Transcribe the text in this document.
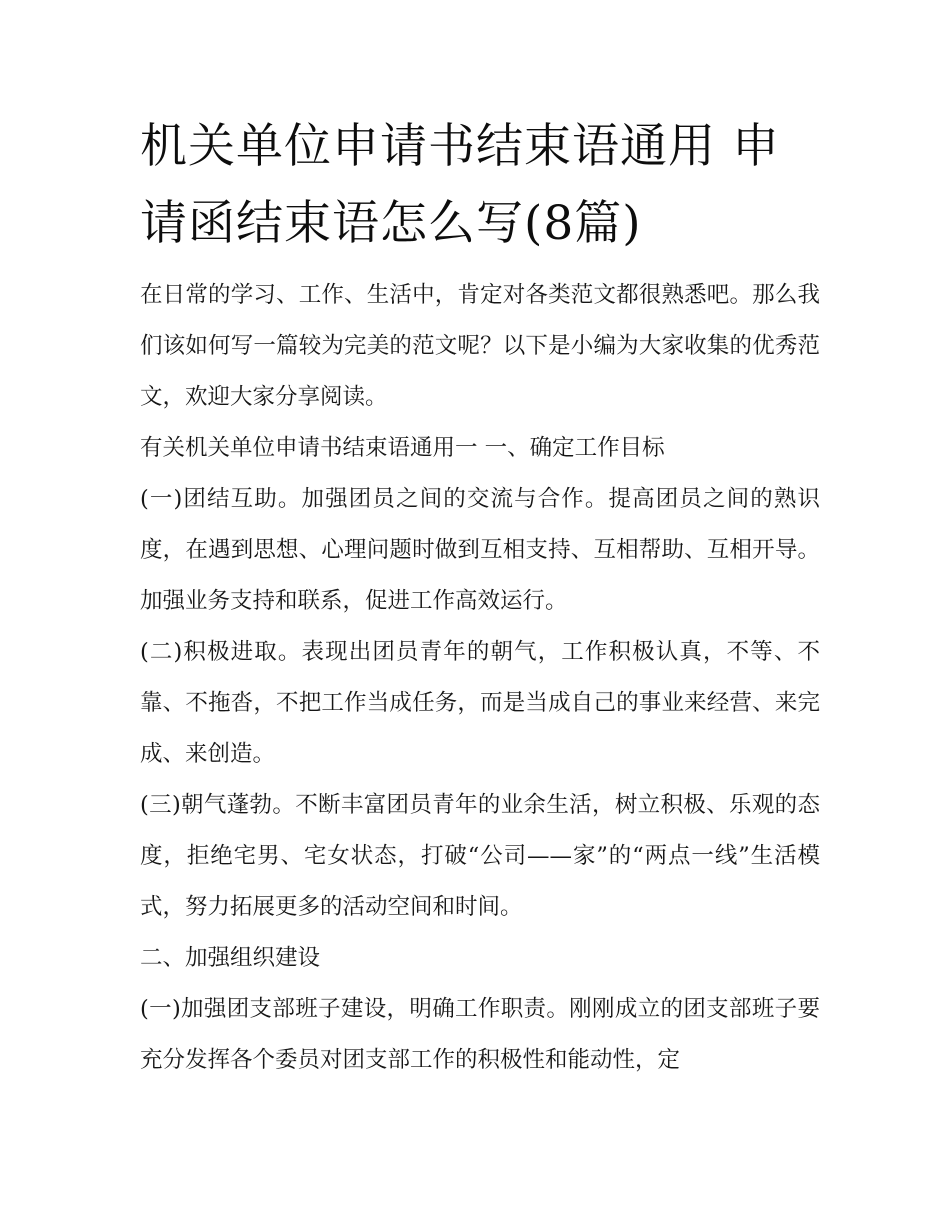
机关单位申请书结束语通用 申请函结束语怎么写(8篇)

在日常的学习、工作、生活中，肯定对各类范文都很熟悉吧。那么我们该如何写一篇较为完美的范文呢？以下是小编为大家收集的优秀范文，欢迎大家分享阅读。

有关机关单位申请书结束语通用一 一、确定工作目标

(一)团结互助。加强团员之间的交流与合作。提高团员之间的熟识度，在遇到思想、心理问题时做到互相支持、互相帮助、互相开导。加强业务支持和联系，促进工作高效运行。

(二)积极进取。表现出团员青年的朝气，工作积极认真，不等、不靠、不拖沓，不把工作当成任务，而是当成自己的事业来经营、来完成、来创造。

(三)朝气蓬勃。不断丰富团员青年的业余生活，树立积极、乐观的态度，拒绝宅男、宅女状态，打破“公司——家”的“两点一线”生活模式，努力拓展更多的活动空间和时间。

二、加强组织建设

(一)加强团支部班子建设，明确工作职责。刚刚成立的团支部班子要充分发挥各个委员对团支部工作的积极性和能动性，定
